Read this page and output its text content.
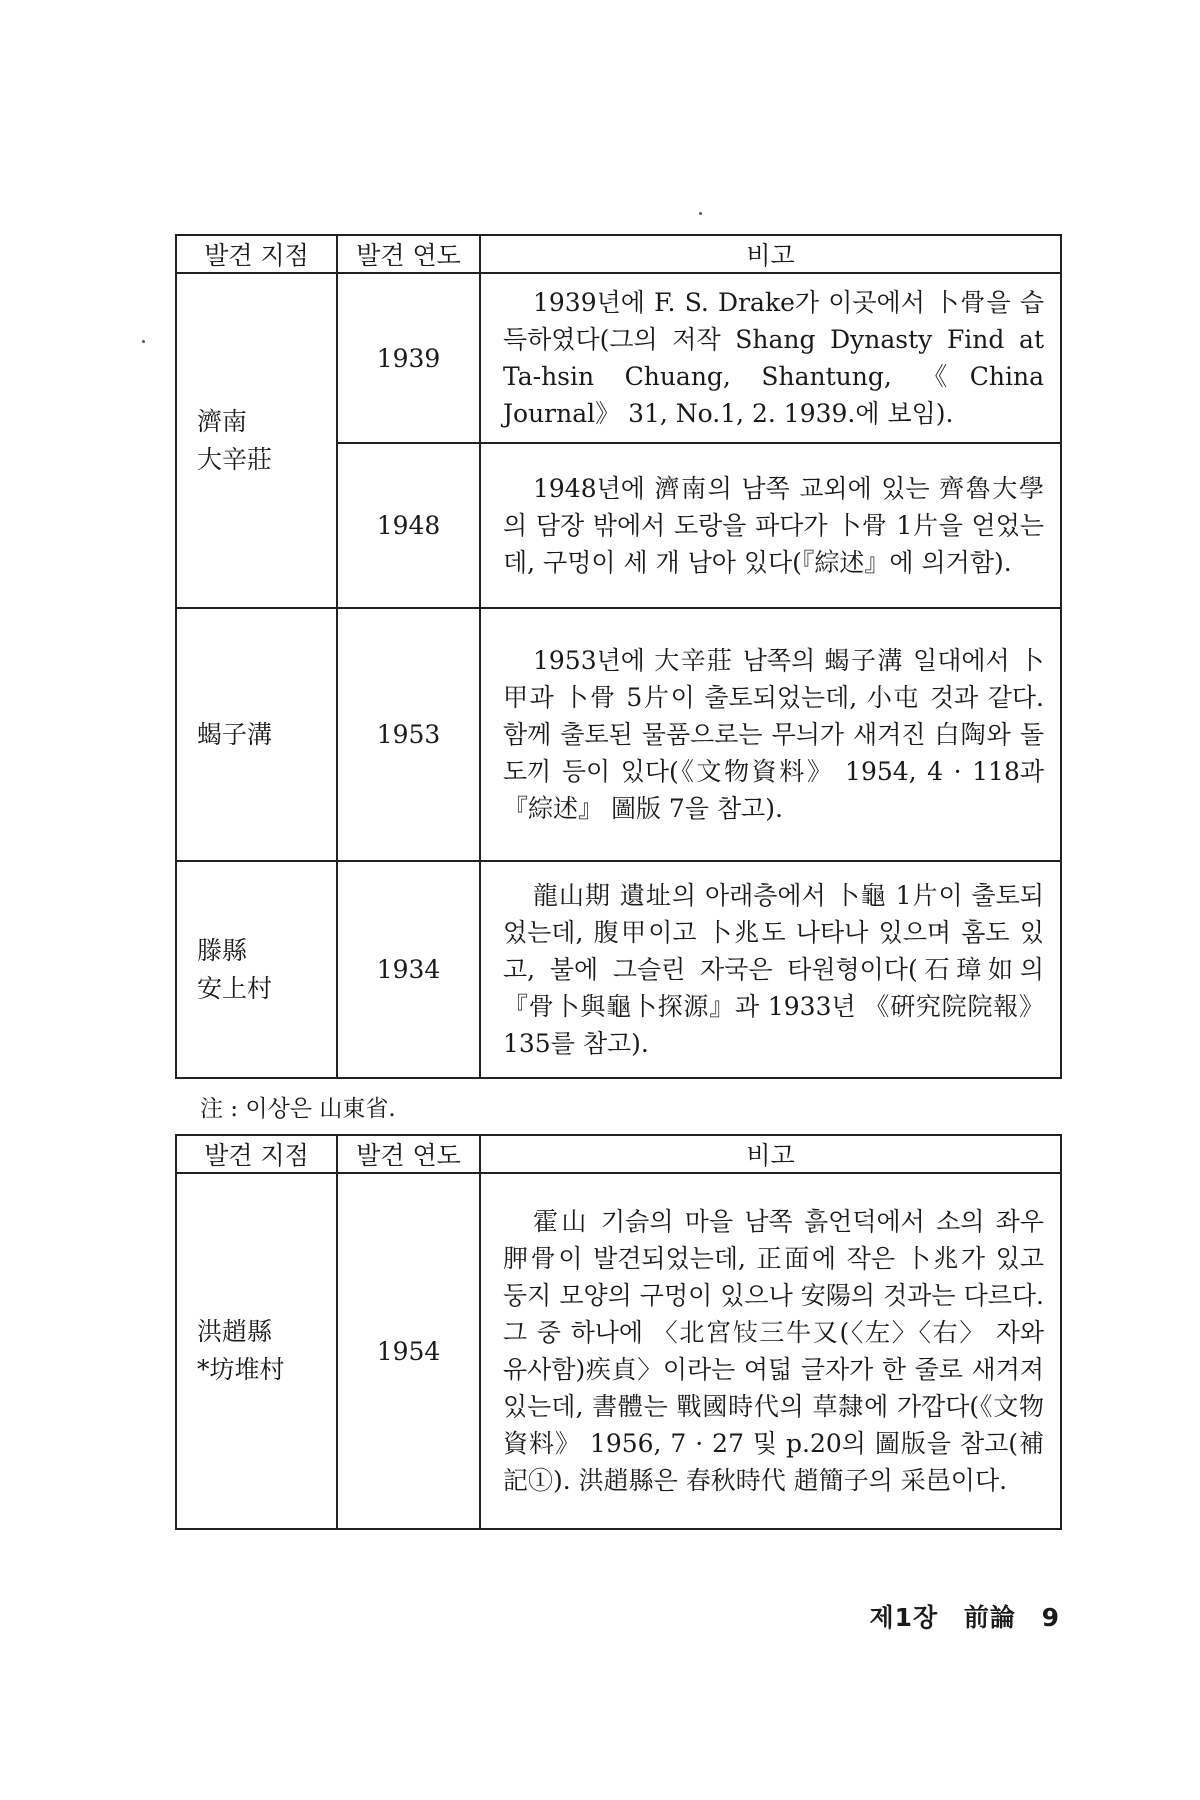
발견 지점	발견 연도	비고

濟南
大辛莊	1939	1939년에 F. S. Drake가 이곳에서 卜骨을 습득하였다(그의 저작 Shang Dynasty Find at Ta-hsin Chuang, Shantung, 《China Journal》 31, No.1, 2. 1939.에 보임).
	1948	1948년에 濟南의 남쪽 교외에 있는 齊魯大學의 담장 밖에서 도랑을 파다가 卜骨 1片을 얻었는데, 구멍이 세 개 남아 있다(『綜述』에 의거함).

蝎子溝	1953	1953년에 大辛莊 남쪽의 蝎子溝 일대에서 卜甲과 卜骨 5片이 출토되었는데, 小屯 것과 같다. 함께 출토된 물품으로는 무늬가 새겨진 白陶와 돌도끼 등이 있다(《文物資料》 1954, 4 · 118과 『綜述』 圖版 7을 참고).

滕縣
安上村	1934	龍山期 遺址의 아래층에서 卜龜 1片이 출토되었는데, 腹甲이고 卜兆도 나타나 있으며 홈도 있고, 불에 그슬린 자국은 타원형이다(石璋如의 『骨卜與龜卜探源』과 1933년 《硏究院院報》 135를 참고).
注 : 이상은 山東省.
발견 지점	발견 연도	비고

洪趙縣
*坊堆村	1954	霍山 기슭의 마을 남쪽 흙언덕에서 소의 좌우 胛骨이 발견되었는데, 正面에 작은 卜兆가 있고 둥지 모양의 구멍이 있으나 安陽의 것과는 다르다. 그 중 하나에 〈北宮𢼎三牛又(〈左〉〈右〉 자와 유사함)疾貞〉이라는 여덟 글자가 한 줄로 새겨져 있는데, 書體는 戰國時代의 草隸에 가깝다(《文物資料》 1956, 7 · 27 및 p.20의 圖版을 참고(補記①). 洪趙縣은 春秋時代 趙簡子의 采邑이다.
제1장 前論 9
